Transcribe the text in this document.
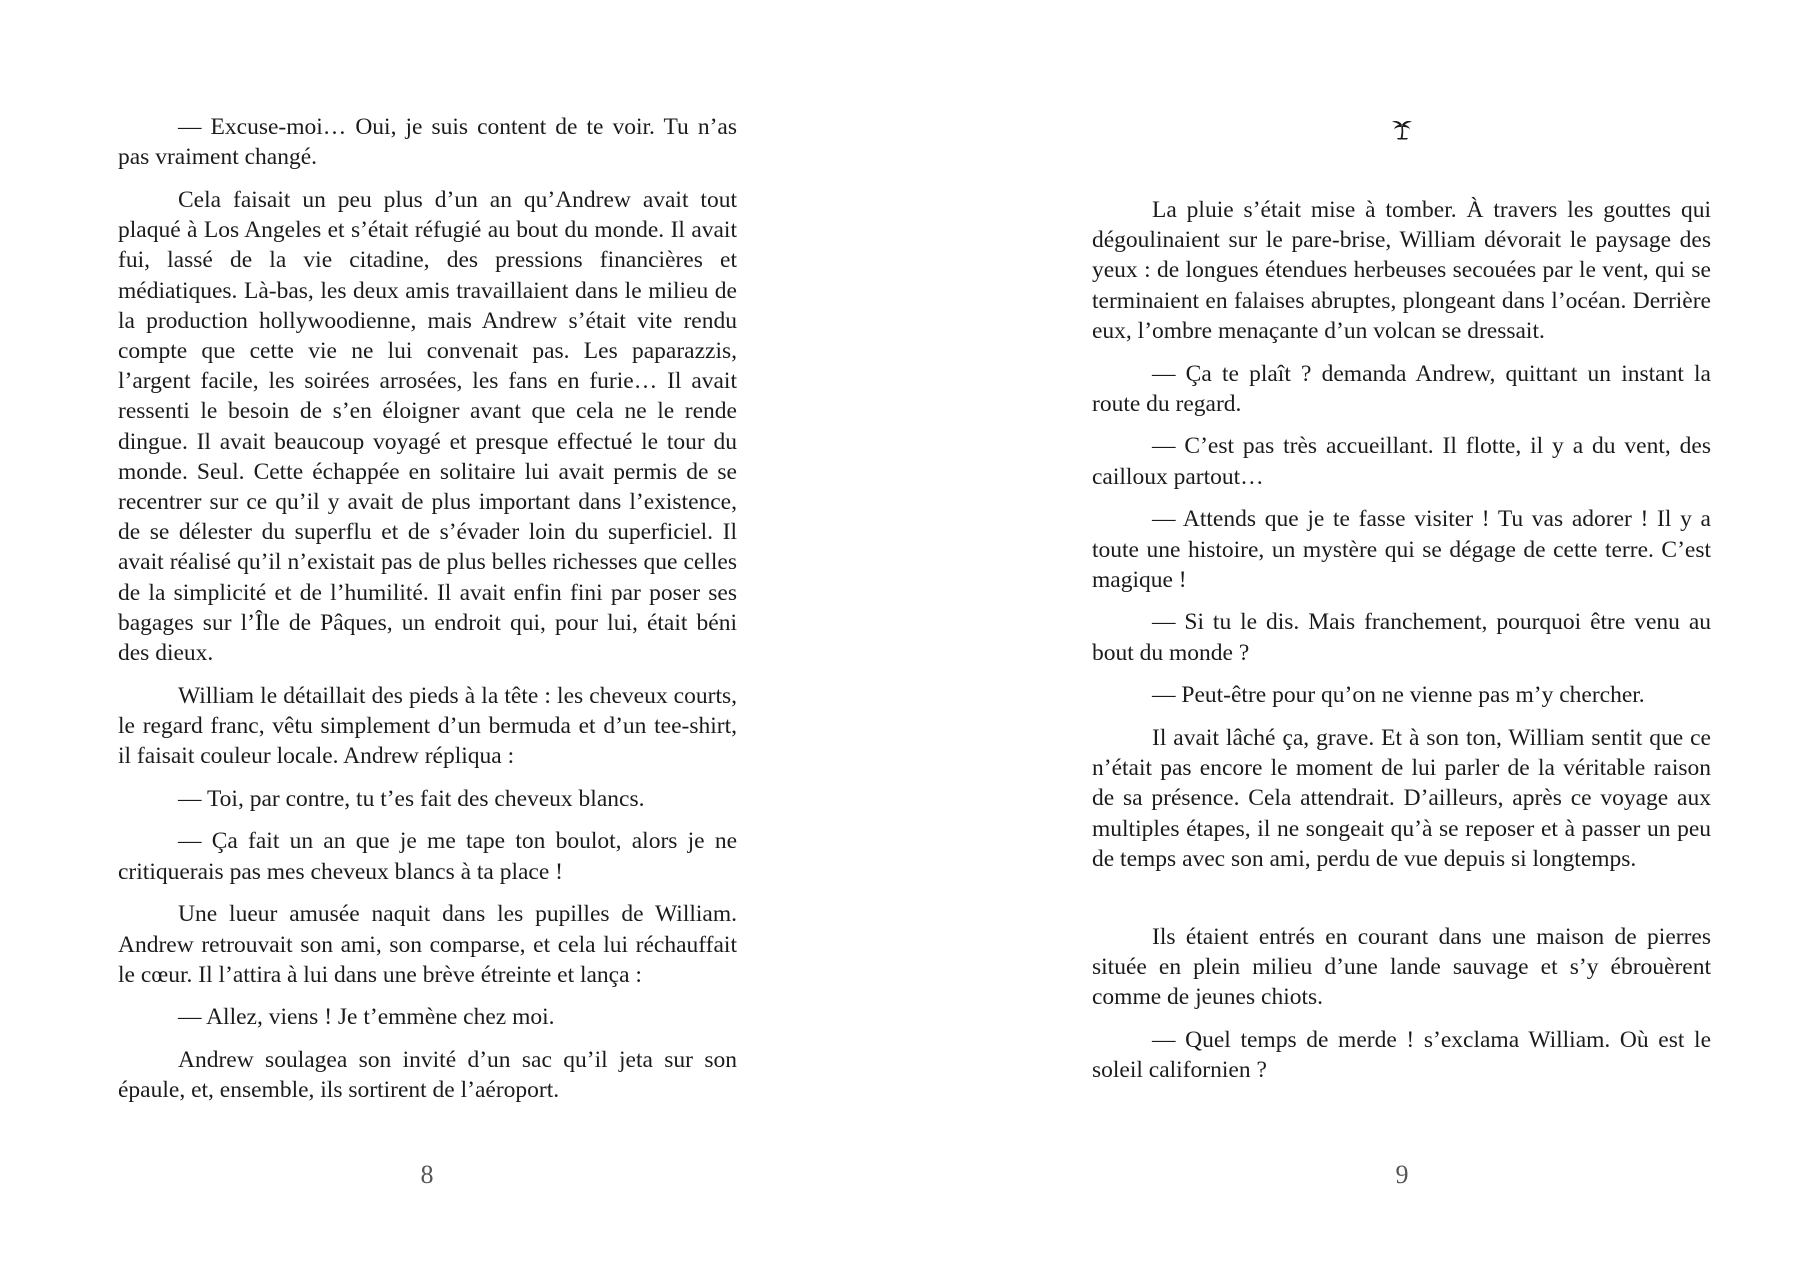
— Excuse-moi… Oui, je suis content de te voir. Tu n’as pas vraiment changé.

Cela faisait un peu plus d’un an qu’Andrew avait tout plaqué à Los Angeles et s’était réfugié au bout du monde. Il avait fui, lassé de la vie citadine, des pressions financières et médiatiques. Là-bas, les deux amis travaillaient dans le milieu de la production hollywoodienne, mais Andrew s’était vite rendu compte que cette vie ne lui convenait pas. Les paparazzis, l’argent facile, les soirées arrosées, les fans en furie… Il avait ressenti le besoin de s’en éloigner avant que cela ne le rende dingue. Il avait beaucoup voyagé et presque effectué le tour du monde. Seul. Cette échappée en solitaire lui avait permis de se recentrer sur ce qu’il y avait de plus important dans l’existence, de se délester du superflu et de s’évader loin du superficiel. Il avait réalisé qu’il n’existait pas de plus belles richesses que celles de la simplicité et de l’humilité. Il avait enfin fini par poser ses bagages sur l’Île de Pâques, un endroit qui, pour lui, était béni des dieux.

William le détaillait des pieds à la tête : les cheveux courts, le regard franc, vêtu simplement d’un bermuda et d’un tee-shirt, il faisait couleur locale. Andrew répliqua :

— Toi, par contre, tu t’es fait des cheveux blancs.

— Ça fait un an que je me tape ton boulot, alors je ne critiquerais pas mes cheveux blancs à ta place !

Une lueur amusée naquit dans les pupilles de William. Andrew retrouvait son ami, son comparse, et cela lui réchauffait le cœur. Il l’attira à lui dans une brève étreinte et lança :

— Allez, viens ! Je t’emmène chez moi.

Andrew soulagea son invité d’un sac qu’il jeta sur son épaule, et, ensemble, ils sortirent de l’aéroport.

8

La pluie s’était mise à tomber. À travers les gouttes qui dégoulinaient sur le pare-brise, William dévorait le paysage des yeux : de longues étendues herbeuses secouées par le vent, qui se terminaient en falaises abruptes, plongeant dans l’océan. Derrière eux, l’ombre menaçante d’un volcan se dressait.

— Ça te plaît ? demanda Andrew, quittant un instant la route du regard.

— C’est pas très accueillant. Il flotte, il y a du vent, des cailloux partout…

— Attends que je te fasse visiter ! Tu vas adorer ! Il y a toute une histoire, un mystère qui se dégage de cette terre. C’est magique !

— Si tu le dis. Mais franchement, pourquoi être venu au bout du monde ?

— Peut-être pour qu’on ne vienne pas m’y chercher.

Il avait lâché ça, grave. Et à son ton, William sentit que ce n’était pas encore le moment de lui parler de la véritable raison de sa présence. Cela attendrait. D’ailleurs, après ce voyage aux multiples étapes, il ne songeait qu’à se reposer et à passer un peu de temps avec son ami, perdu de vue depuis si longtemps.

Ils étaient entrés en courant dans une maison de pierres située en plein milieu d’une lande sauvage et s’y ébrouèrent comme de jeunes chiots.

— Quel temps de merde ! s’exclama William. Où est le soleil californien ?

9
